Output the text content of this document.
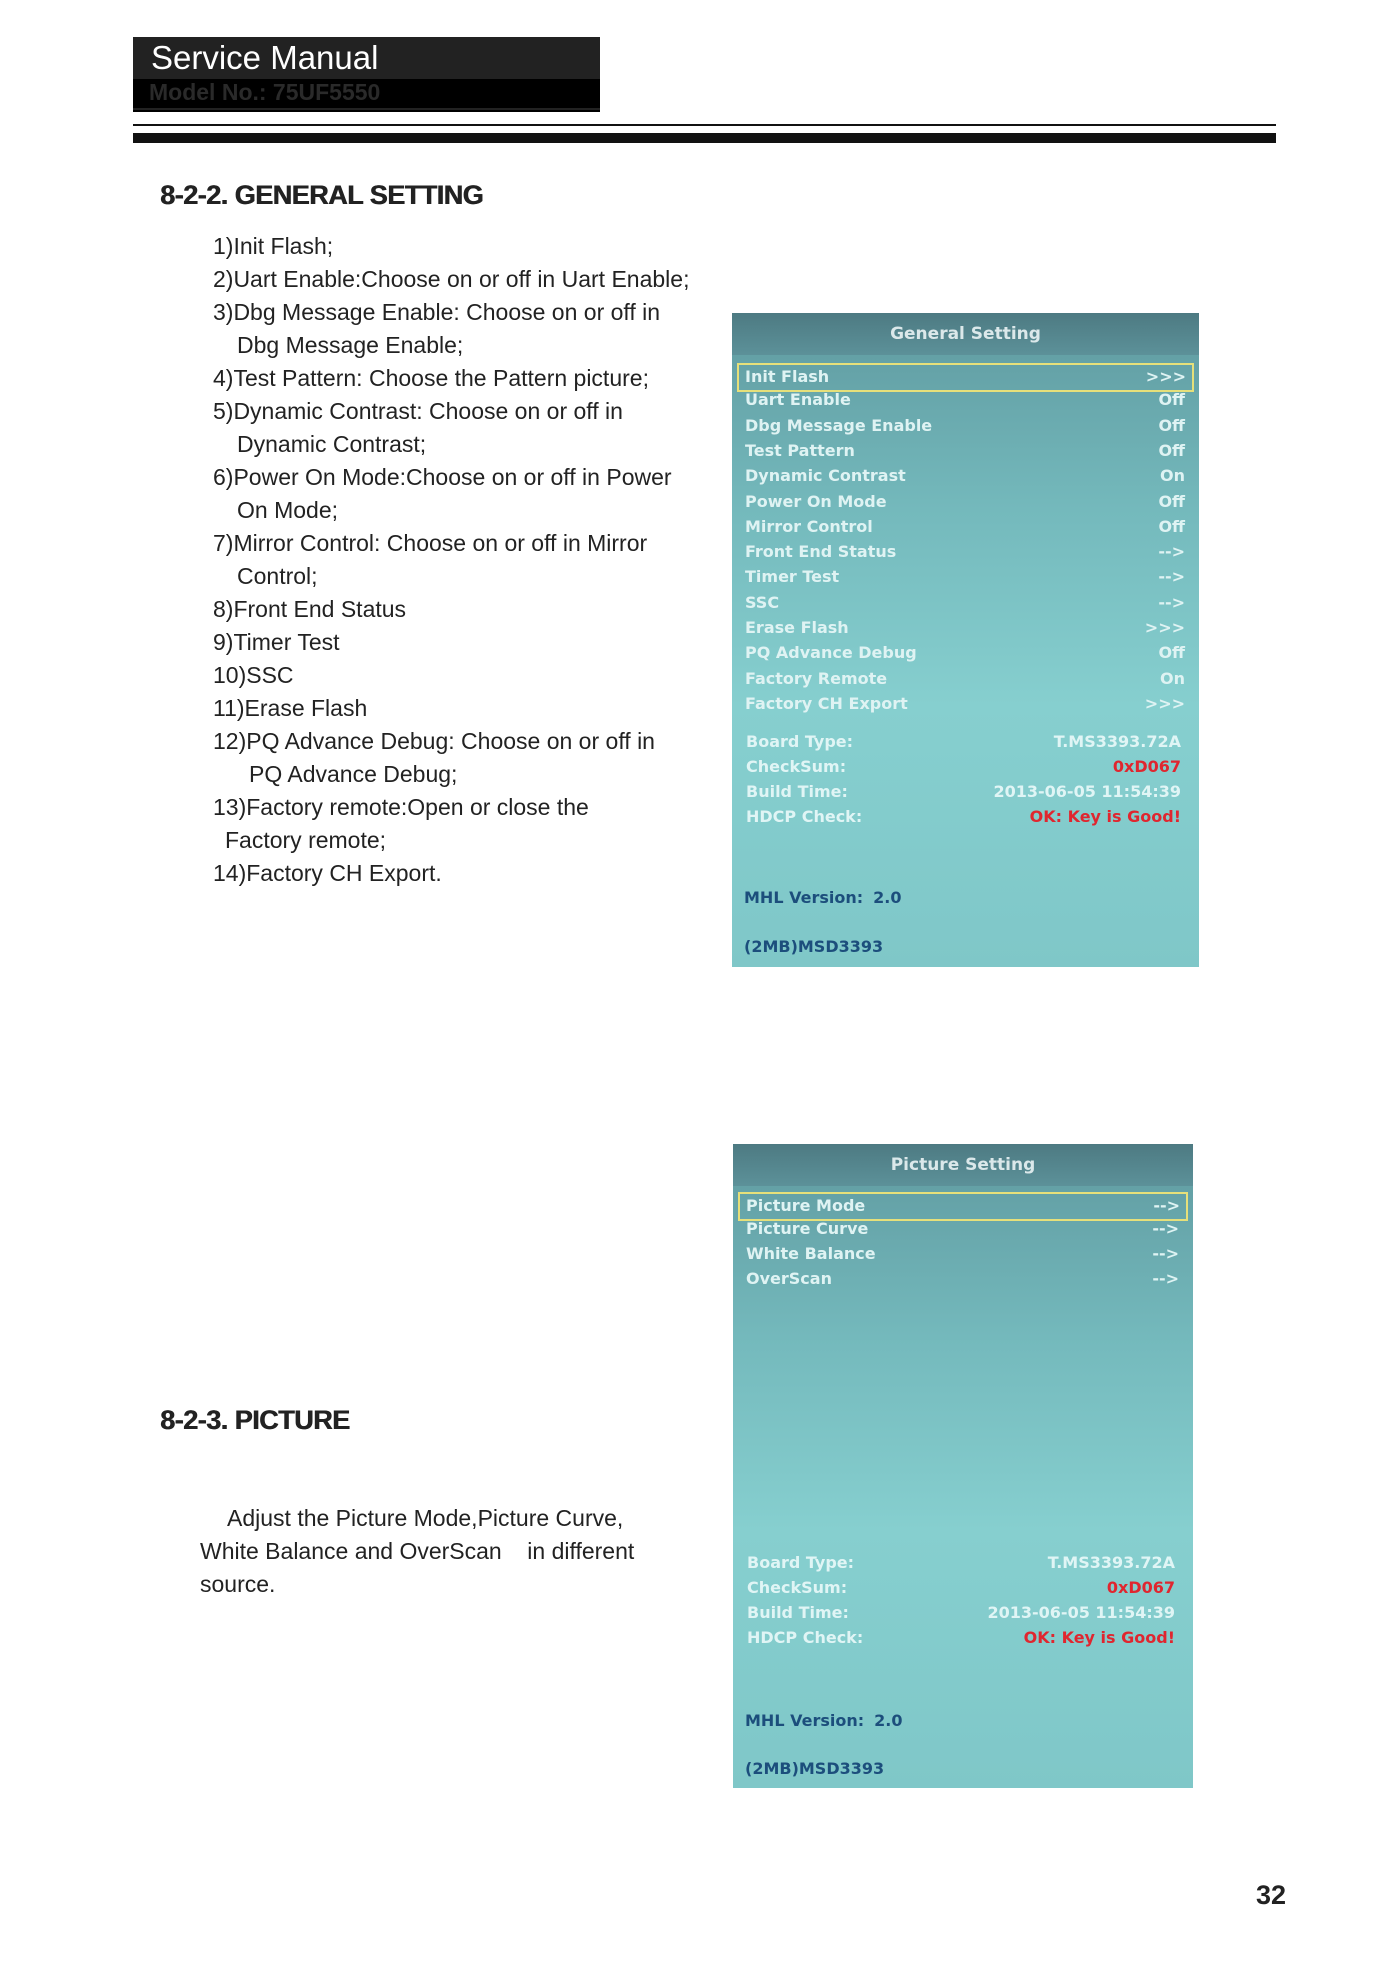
Service Manual
Model No.: 75UF5550
8-2-2. GENERAL SETTING
1)Init Flash;
2)Uart Enable:Choose on or off in Uart Enable;
3)Dbg Message Enable: Choose on or off in
Dbg Message Enable;
4)Test Pattern: Choose the Pattern picture;
5)Dynamic Contrast: Choose on or off in
Dynamic Contrast;
6)Power On Mode:Choose on or off in Power
On Mode;
7)Mirror Control: Choose on or off in Mirror
Control;
8)Front End Status
9)Timer Test
10)SSC
11)Erase Flash
12)PQ Advance Debug: Choose on or off in
PQ Advance Debug;
13)Factory remote:Open or close the
Factory remote;
14)Factory CH Export.
General Setting
Init Flash	>>>
Uart Enable	Off
Dbg Message Enable	Off
Test Pattern	Off
Dynamic Contrast	On
Power On Mode	Off
Mirror Control	Off
Front End Status	-->
Timer Test	-->
SSC	-->
Erase Flash	>>>
PQ Advance Debug	Off
Factory Remote	On
Factory CH Export	>>>
Board Type:	T.MS3393.72A
CheckSum:	0xD067
Build Time:	2013-06-05 11:54:39
HDCP Check:	OK: Key is Good!
MHL Version: 2.0
(2MB)MSD3393
8-2-3. PICTURE
Adjust the Picture Mode,Picture Curve,
White Balance and OverScan    in different
source.
Picture Setting
Picture Mode	-->
Picture Curve	-->
White Balance	-->
OverScan	-->
Board Type:	T.MS3393.72A
CheckSum:	0xD067
Build Time:	2013-06-05 11:54:39
HDCP Check:	OK: Key is Good!
MHL Version: 2.0
(2MB)MSD3393
32
